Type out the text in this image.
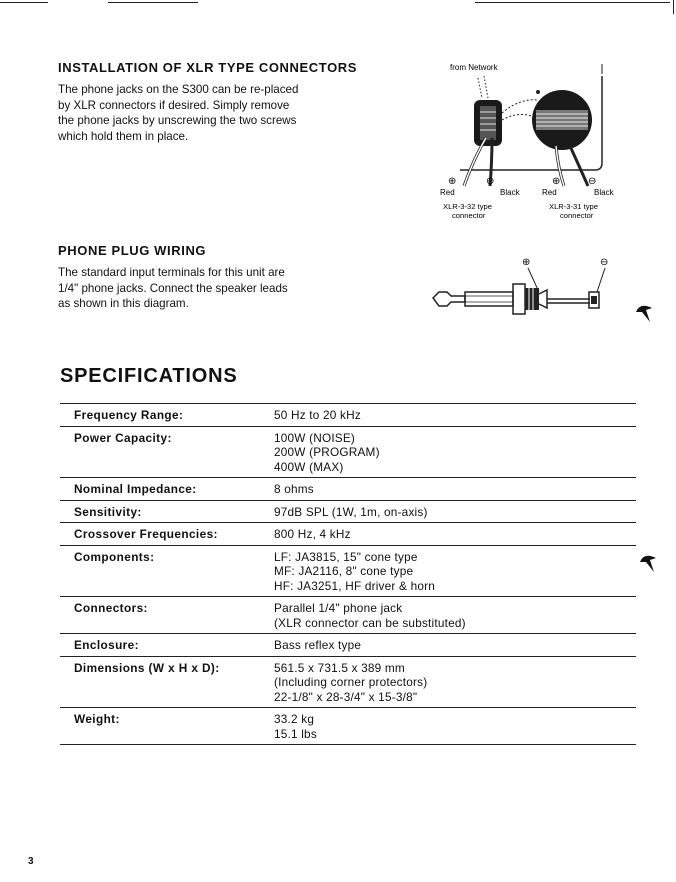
INSTALLATION OF XLR TYPE CONNECTORS

The phone jacks on the S300 can be re-placed by XLR connectors if desired. Simply remove the phone jacks by unscrewing the two screws which hold them in place.

from Network
⊕	⊖
Red	Black
XLR-3-32 type
connector
⊕	⊖
Red	Black
XLR-3-31 type
connector
PHONE PLUG WIRING

The standard input terminals for this unit are 1/4" phone jacks. Connect the speaker leads as shown in this diagram.

⊕	⊖
SPECIFICATIONS
Frequency Range:	50 Hz to 20 kHz
Power Capacity:	100W (NOISE)
200W (PROGRAM)
400W (MAX)
Nominal Impedance:	8 ohms
Sensitivity:	97dB SPL (1W, 1m, on-axis)
Crossover Frequencies:	800 Hz, 4 kHz
Components:	LF: JA3815, 15" cone type
MF: JA2116, 8" cone type
HF: JA3251, HF driver & horn
Connectors:	Parallel 1/4" phone jack
(XLR connector can be substituted)
Enclosure:	Bass reflex type
Dimensions (W x H x D):	561.5 x 731.5 x 389 mm
(Including corner protectors)
22-1/8" x 28-3/4" x 15-3/8"
Weight:	33.2 kg
15.1 lbs
3
